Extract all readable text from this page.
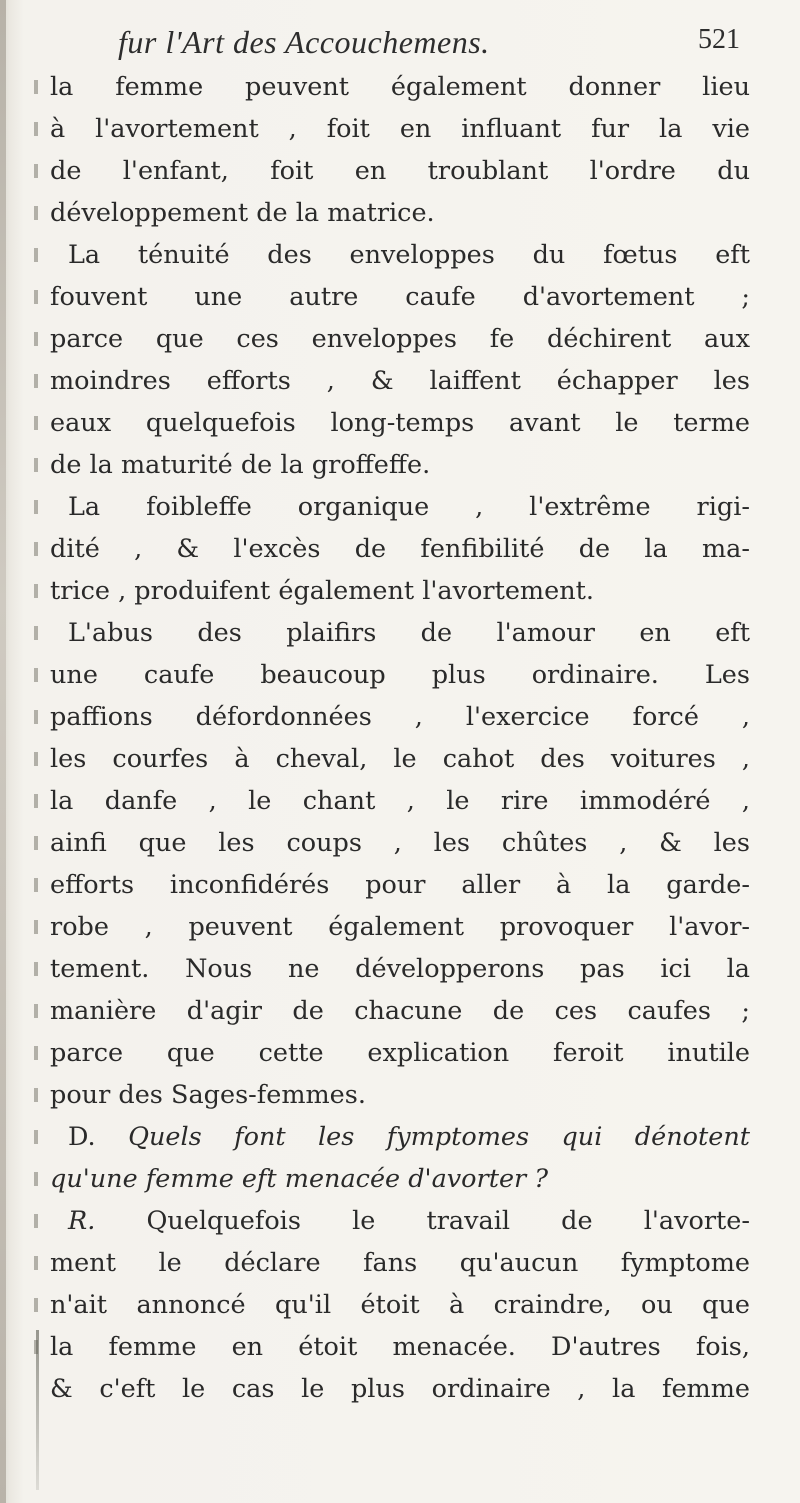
fur l'Art des Accouchemens.	521
la femme peuvent également donner lieu
à l'avortement , foit en influant fur la vie
de l'enfant, foit en troublant l'ordre du
développement de la matrice.
La ténuité des enveloppes du fœtus eft
fouvent une autre caufe d'avortement ;
parce que ces enveloppes fe déchirent aux
moindres efforts , & laiffent échapper les
eaux quelquefois long-temps avant le terme
de la maturité de la groffeffe.
La foibleffe organique , l'extrême rigi-
dité , & l'excès de fenfibilité de la ma-
trice , produifent également l'avortement.
L'abus des plaifirs de l'amour en eft
une caufe beaucoup plus ordinaire. Les
paffions défordonnées , l'exercice forcé ,
les courfes à cheval, le cahot des voitures ,
la danfe , le chant , le rire immodéré ,
ainfi que les coups , les chûtes , & les
efforts inconfidérés pour aller à la garde-
robe , peuvent également provoquer l'avor-
tement. Nous ne développerons pas ici la
manière d'agir de chacune de ces caufes ;
parce que cette explication feroit inutile
pour des Sages-femmes.
D. Quels font les fymptomes qui dénotent
qu'une femme eft menacée d'avorter ?
R. Quelquefois le travail de l'avorte-
ment le déclare fans qu'aucun fymptome
n'ait annoncé qu'il étoit à craindre, ou que
la femme en étoit menacée. D'autres fois,
& c'eft le cas le plus ordinaire , la femme
